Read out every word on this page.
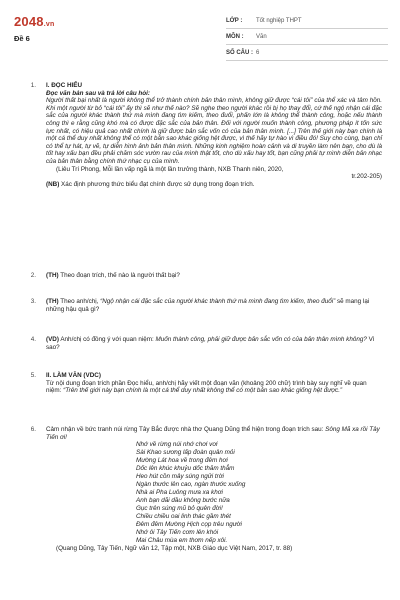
2048.vn
Đề 6
LỚP :	Tốt nghiệp THPT
MÔN :	Văn
SỐ CÂU : 6
1. I. ĐỌC HIỂU
Đọc văn bản sau và trả lời câu hỏi:
Người thất bại nhất là người không thể trở thành chính bản thân mình, không giữ được “cái tôi” của thể xác và tâm hồn. Khi một người từ bỏ “cái tôi” ấy thì sẽ như thế nào? Sẽ nghe theo người khác rồi bị họ thay đổi, cứ thế ngộ nhận cái đặc sắc của người khác thành thứ mà mình đang tìm kiếm, theo đuổi, phấn lớn là không thể thành công, hoặc nếu thành công thì e rằng cũng khó mà có được đặc sắc của bản thân. Đối với người muốn thành công, phương pháp ít tốn sức lực nhất, có hiệu quả cao nhất chính là giữ được bản sắc vốn có của bản thân mình. [...] Trên thế giới này bạn chính là một cá thể duy nhất không thể có một bản sao khác giống hệt được, vì thế hãy tự hào vì điều đó! Suy cho cùng, bạn chỉ có thể tự hát, tự vẽ, tự diễn hình ảnh bản thân mình. Những kinh nghiệm hoàn cảnh và di truyền làm nên bạn, cho dù là tốt hay xấu bạn đều phải chăm sóc vườn rau của mình thật tốt, cho dù xấu hay tốt, bạn cũng phải tự mình diễn bản nhạc của bản thân bằng chính thứ nhạc cụ của mình.
(Liêu Trí Phong, Mỗi lần vấp ngã là một lần trưởng thành, NXB Thanh niên, 2020,
tr.202-205)
(NB) Xác định phương thức biểu đạt chính được sử dụng trong đoạn trích.
2. (TH) Theo đoạn trích, thế nào là người thất bại?
3. (TH) Theo anh/chị, “Ngộ nhận cái đặc sắc của người khác thành thứ mà mình đang tìm kiếm, theo đuổi” sẽ mang lại những hậu quả gì?
4. (VD) Anh/chị có đồng ý với quan niệm: Muốn thành công, phải giữ được bản sắc vốn có của bản thân mình không? Vì sao?
5. II. LÀM VĂN (VDC)
Từ nội dung đoạn trích phần Đọc hiểu, anh/chị hãy viết một đoạn văn (khoảng 200 chữ) trình bày suy nghĩ về quan niệm: “Trên thế giới này bạn chính là một cá thể duy nhất không thể có một bản sao khác giống hệt được.”
6. Cảm nhận về bức tranh núi rừng Tây Bắc được nhà thơ Quang Dũng thể hiện trong đoạn trích sau: Sông Mã xa rồi Tây Tiến ơi!
Nhớ về rừng núi nhớ chơi vơi
Sài Khao sương lấp đoàn quân mỏi
Mường Lát hoa về trong đêm hơi
Dốc lên khúc khuỷu dốc thăm thẳm
Heo hút cồn mây súng ngửi trời
Ngàn thước lên cao, ngàn thước xuống
Nhà ai Pha Luông mưa xa khơi
Anh bạn dãi dầu không bước nữa
Gục trên súng mũ bỏ quên đời!
Chiều chiều oai linh thác gầm thét
Đêm đêm Mường Hịch cọp trêu người
Nhớ ôi Tây Tiến cơm lên khói
Mai Châu mùa em thơm nếp xôi.
(Quang Dũng, Tây Tiến, Ngữ văn 12, Tập một, NXB Giáo dục Việt Nam, 2017, tr. 88)
